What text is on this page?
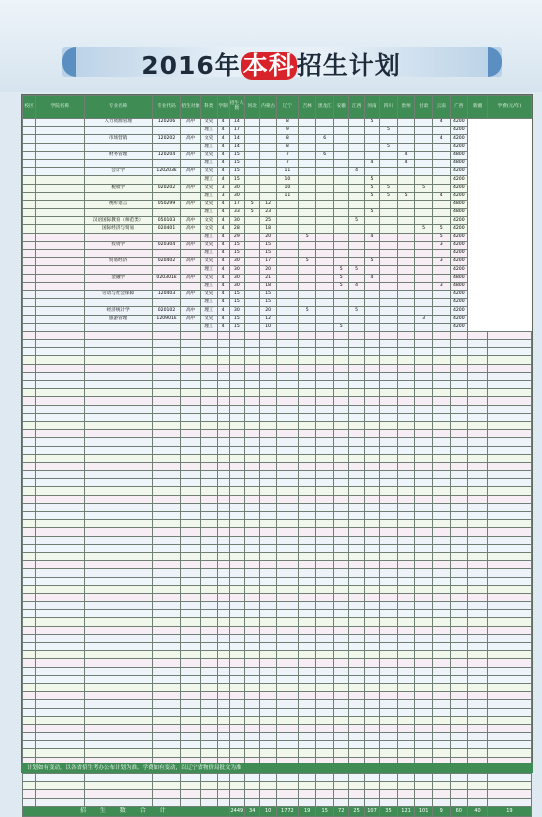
2016年本科招生计划
校区	学院名称	专业名称	专业代码	招生对象	科类	学制	招生人数	河北	内蒙古	辽宁	吉林	黑龙江	安徽	江西	河南	四川	贵州	甘肃	云南	广西	新疆	学费(元/年)
		人力资源管理	120206	高中	文史	4	14			8					5				4	4200		
					理工	4	17			9						5				4200		
		市场营销	120202	高中	文史	4	14			8		6							4	4200		
					理工	4	14			8						5				4200		
		财务管理	120204	高中	文史	4	15			7		6					4			4800		
					理工	4	15			7					4		4			4800		
		会计学	120203k	高中	文史	4	15			11				4						4200		
					理工	4	15			10					5					4200		
		税收学	020202	高中	文史	3	30			10					5	5		5		4200		
					理工	3	30			11					5	5	5		4	4200		
		视听语言	050299	高中	文史	4	17	5	12											4800		
					理工	4	33	5	23						5					4800		
		汉语国际教育（师范类）	050103	高中	文史	4	30		25					5						4200		
		国际经济与贸易	020401	高中	文史	4	28		18									5	5	4200		
					理工	4	29		20		5				4				5	4200		
		投资学	020304	高中	文史	4	15		15										3	4200		
					理工	4	15		15											4200		
		贸易经济	020402	高中	文史	4	30		17		5				5				3	4200		
					理工	4	30		20				5	5						4200		
		金融学	020301k	高中	文史	4	30		21				5		4					4800		
					理工	4	30		18				5	4					3	4800		
		劳动与社会保障	120403	高中	文史	4	15		15											4200		
					理工	4	15		15											4200		
		经济统计学	020102	高中	理工	4	30		20		5			5						4200		
		旅游管理	120901k	高中	文史	4	15		12									3		4200		
					理工	4	15		10				5							4200		

招 生 数 合 计							2449	34	10	1772	19	15	72	25	107	35	121	101	9	60	40	19
计划如有变动，以各省招生考办公布计划为准。学费如有变动，以辽宁省物价局批文为准
